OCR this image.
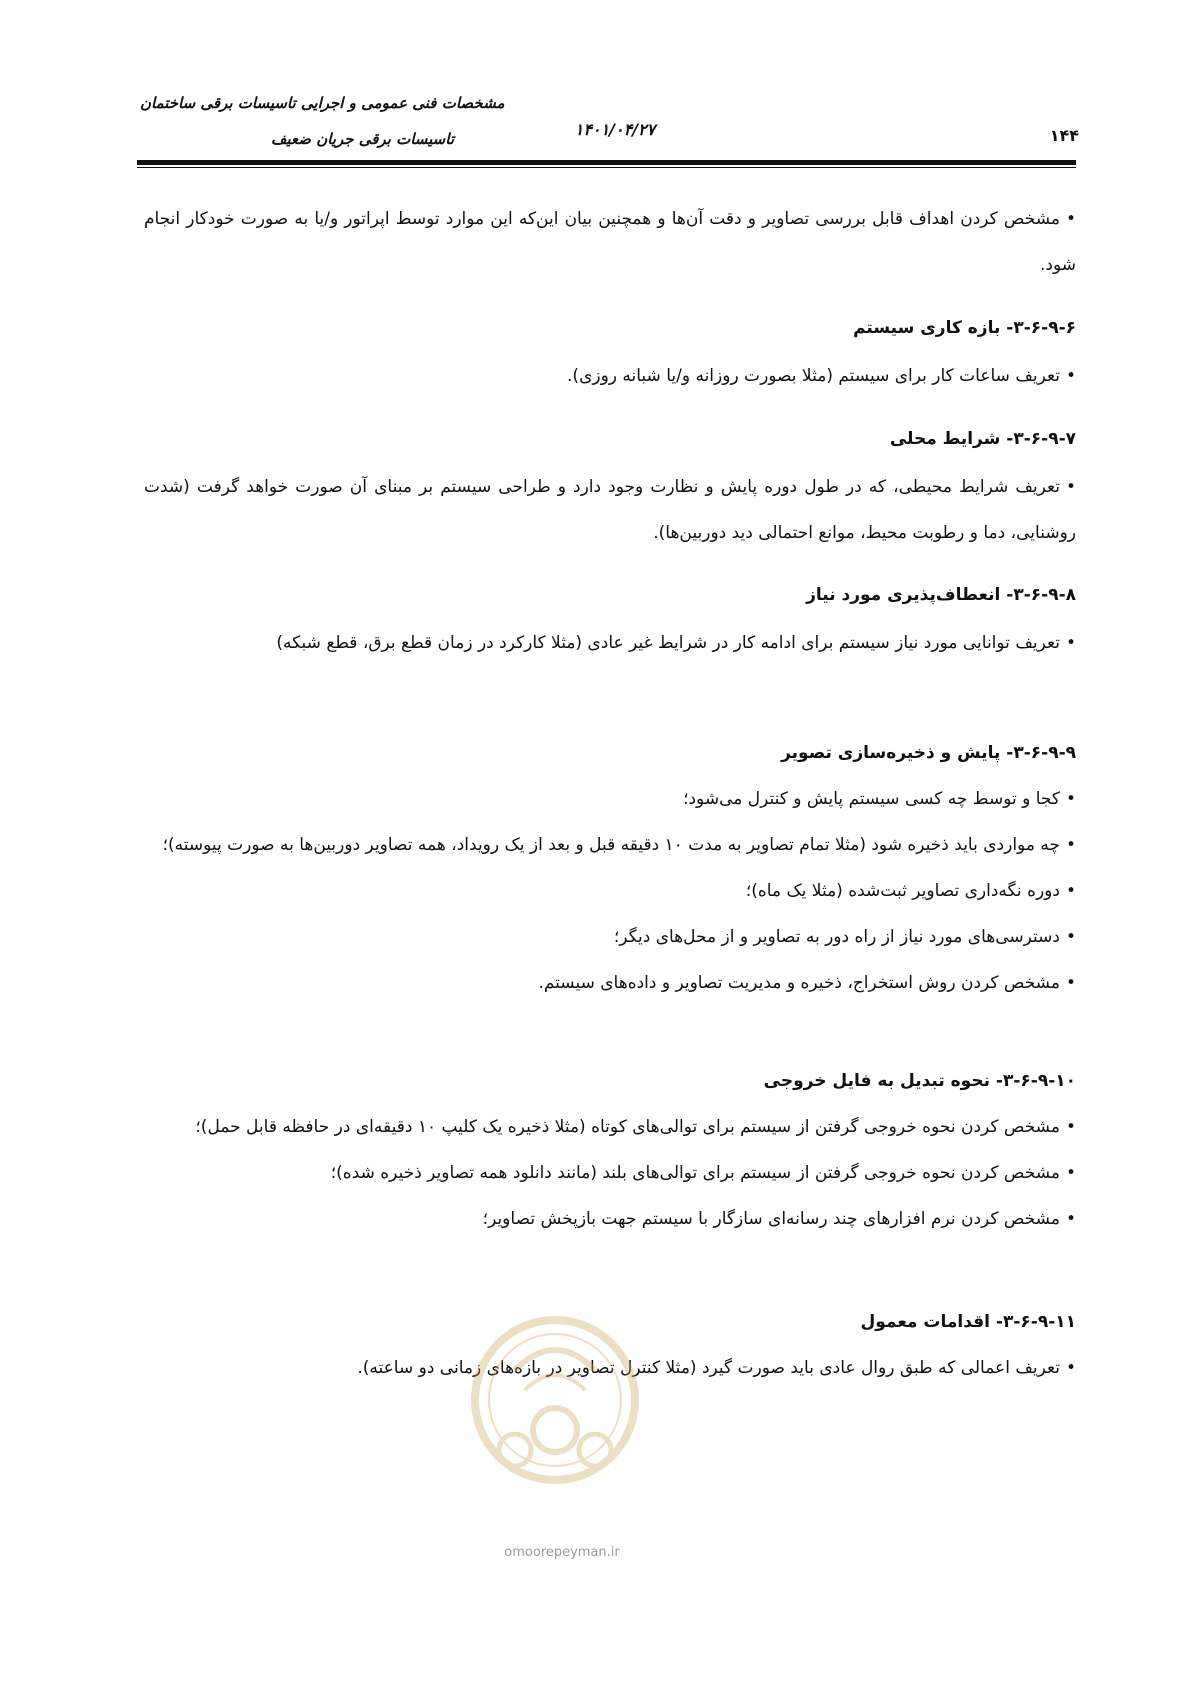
مشخصات فنی عمومی و اجرایی تاسیسات برقی ساختمان
تاسیسات برقی جریان ضعیف	۱۴۰۱/۰۴/۲۷	۱۴۴
•مشخص کردن اهداف قابل بررسی تصاویر و دقت آن‌ها و همچنین بیان این‌که این موارد توسط اپراتور و/یا به صورت خودکار انجام شود.
۳-۶-۹-۶- بازه کاری سیستم
•تعریف ساعات کار برای سیستم (مثلا بصورت روزانه و/یا شبانه روزی).
۳-۶-۹-۷- شرایط محلی
•تعریف شرایط محیطی، که در طول دوره پایش و نظارت وجود دارد و طراحی سیستم بر مبنای آن صورت خواهد گرفت (شدت روشنایی، دما و رطوبت محیط، موانع احتمالی دید دوربین‌ها).
۳-۶-۹-۸- انعطاف‌پذیری مورد نیاز
•تعریف توانایی مورد نیاز سیستم برای ادامه کار در شرایط غیر عادی (مثلا کارکرد در زمان قطع برق، قطع شبکه)
۳-۶-۹-۹- پایش و ذخیره‌سازی تصویر
•کجا و توسط چه کسی سیستم پایش و کنترل می‌شود؛
•چه مواردی باید ذخیره شود (مثلا تمام تصاویر به مدت ۱۰ دقیقه قبل و بعد از یک رویداد، همه تصاویر دوربین‌ها به صورت پیوسته)؛
•دوره نگه‌داری تصاویر ثبت‌شده (مثلا یک ماه)؛
•دسترسی‌های مورد نیاز از راه دور به تصاویر و از محل‌های دیگر؛
•مشخص کردن روش استخراج، ذخیره و مدیریت تصاویر و داده‌های سیستم.
۳-۶-۹-۱۰- نحوه تبدیل به فایل خروجی
•مشخص کردن نحوه خروجی گرفتن از سیستم برای توالی‌های کوتاه (مثلا ذخیره یک کلیپ ۱۰ دقیقه‌ای در حافظه قابل حمل)؛
•مشخص کردن نحوه خروجی گرفتن از سیستم برای توالی‌های بلند (مانند دانلود همه تصاویر ذخیره شده)؛
•مشخص کردن نرم افزارهای چند رسانه‌ای سازگار با سیستم جهت بازپخش تصاویر؛
۳-۶-۹-۱۱- اقدامات معمول
•تعریف اعمالی که طبق روال عادی باید صورت گیرد (مثلا کنترل تصاویر در بازه‌های زمانی دو ساعته).
omoorepeyman.ir
